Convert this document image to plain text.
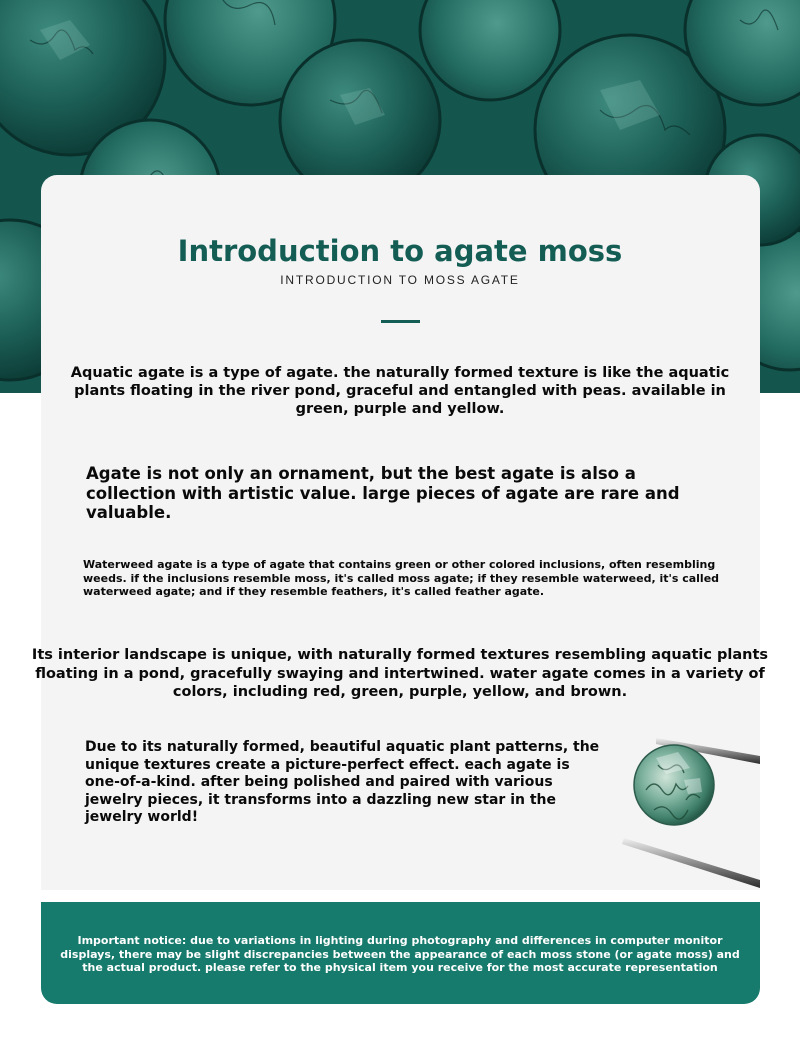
Introduction to agate moss
INTRODUCTION TO MOSS AGATE

Aquatic agate is a type of agate. the naturally formed texture is like the aquatic plants floating in the river pond, graceful and entangled with peas. available in green, purple and yellow.

Agate is not only an ornament, but the best agate is also a collection with artistic value. large pieces of agate are rare and valuable.

Waterweed agate is a type of agate that contains green or other colored inclusions, often resembling weeds. if the inclusions resemble moss, it's called moss agate; if they resemble waterweed, it's called waterweed agate; and if they resemble feathers, it's called feather agate.

Its interior landscape is unique, with naturally formed textures resembling aquatic plants floating in a pond, gracefully swaying and intertwined. water agate comes in a variety of colors, including red, green, purple, yellow, and brown.

Due to its naturally formed, beautiful aquatic plant patterns, the unique textures create a picture-perfect effect. each agate is one-of-a-kind. after being polished and paired with various jewelry pieces, it transforms into a dazzling new star in the jewelry world!

Important notice: due to variations in lighting during photography and differences in computer monitor displays, there may be slight discrepancies between the appearance of each moss stone (or agate moss) and the actual product. please refer to the physical item you receive for the most accurate representation
